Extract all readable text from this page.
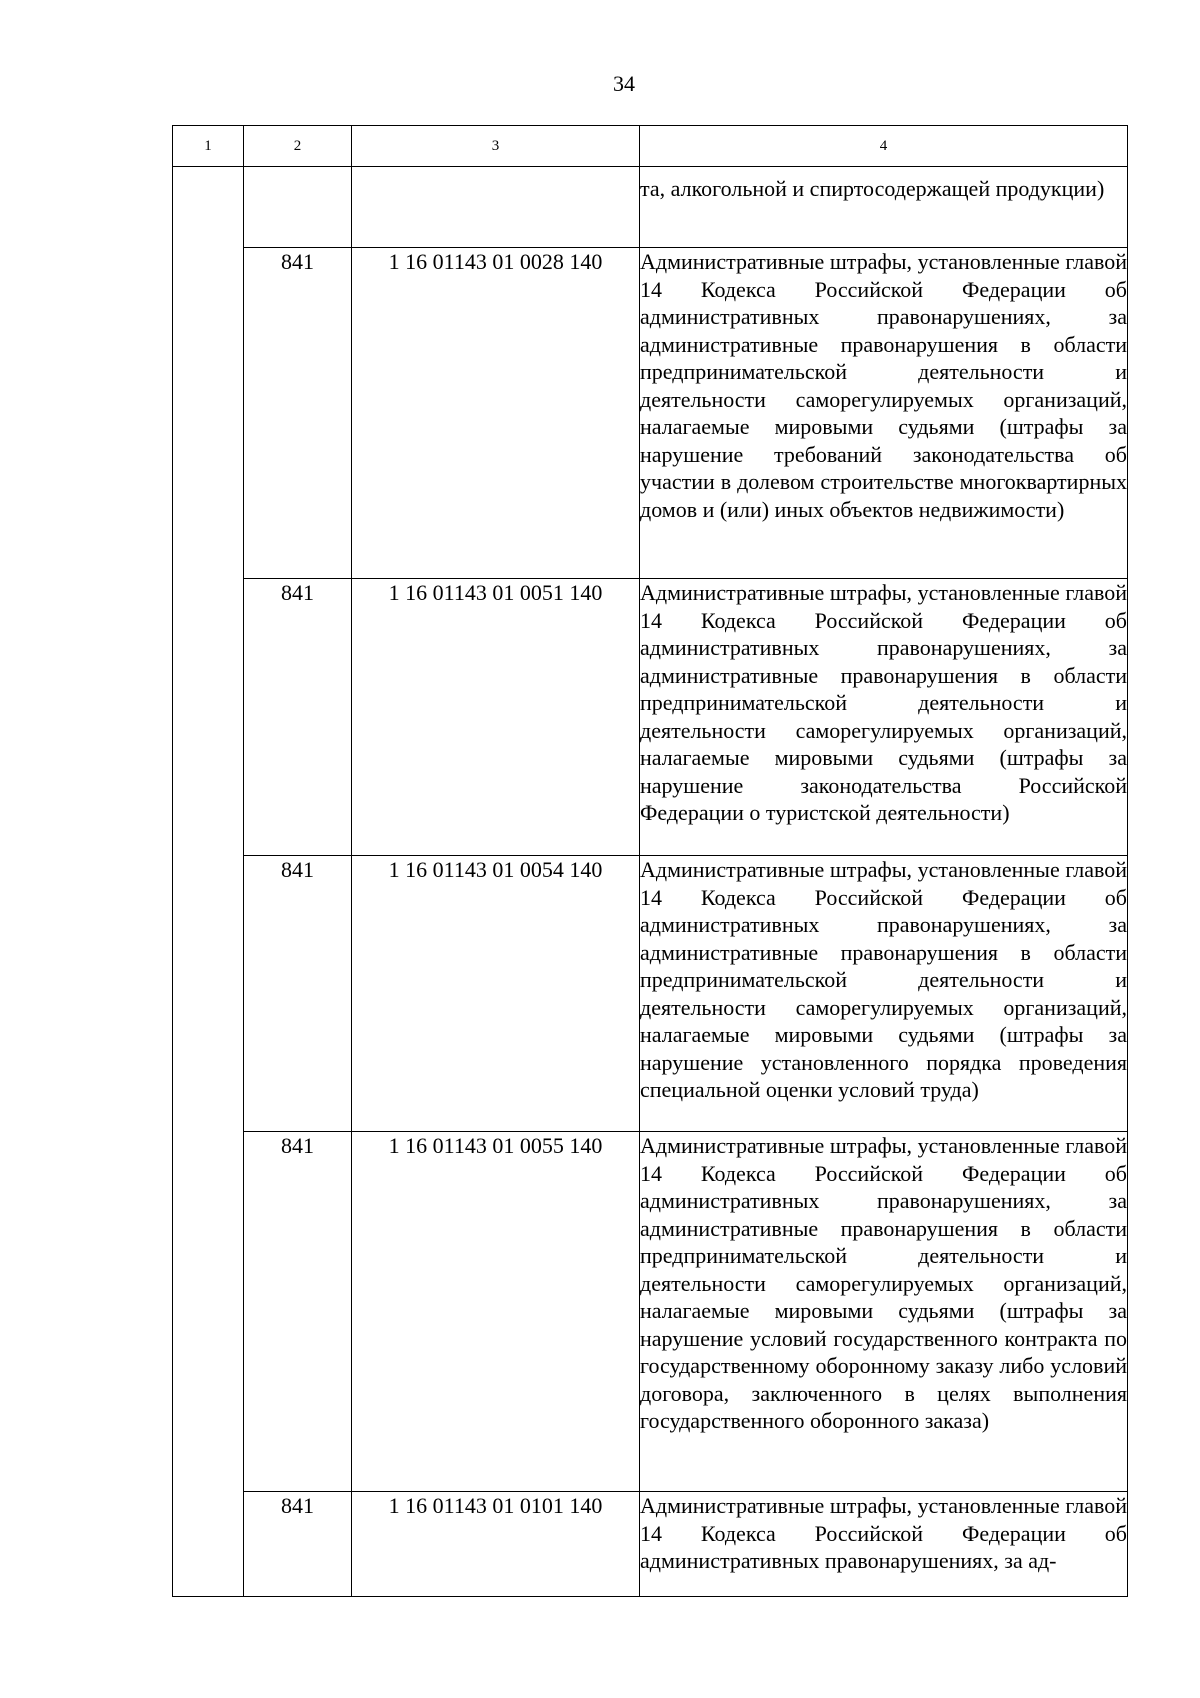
34
1	2	3	4

			та, алкогольной и спиртосодержащей продукции)

	841	1 16 01143 01 0028 140	Административные штрафы, установленные главой 14 Кодекса Российской Федерации об административных правонарушениях, за административные правонарушения в области предпринимательской деятельности и деятельности саморегулируемых организаций, налагаемые мировыми судьями (штрафы за нарушение требований законодательства об участии в долевом строительстве многоквартирных домов и (или) иных объектов недвижимости)

	841	1 16 01143 01 0051 140	Административные штрафы, установленные главой 14 Кодекса Российской Федерации об административных правонарушениях, за административные правонарушения в области предпринимательской деятельности и деятельности саморегулируемых организаций, налагаемые мировыми судьями (штрафы за нарушение законодательства Российской Федерации о туристской деятельности)

	841	1 16 01143 01 0054 140	Административные штрафы, установленные главой 14 Кодекса Российской Федерации об административных правонарушениях, за административные правонарушения в области предпринимательской деятельности и деятельности саморегулируемых организаций, налагаемые мировыми судьями (штрафы за нарушение установленного порядка проведения специальной оценки условий труда)

	841	1 16 01143 01 0055 140	Административные штрафы, установленные главой 14 Кодекса Российской Федерации об административных правонарушениях, за административные правонарушения в области предпринимательской деятельности и деятельности саморегулируемых организаций, налагаемые мировыми судьями (штрафы за нарушение условий государственного контракта по государственному оборонному заказу либо условий договора, заключенного в целях выполнения государственного оборонного заказа)

	841	1 16 01143 01 0101 140	Административные штрафы, установленные главой 14 Кодекса Российской Федерации об административных правонарушениях, за ад-
